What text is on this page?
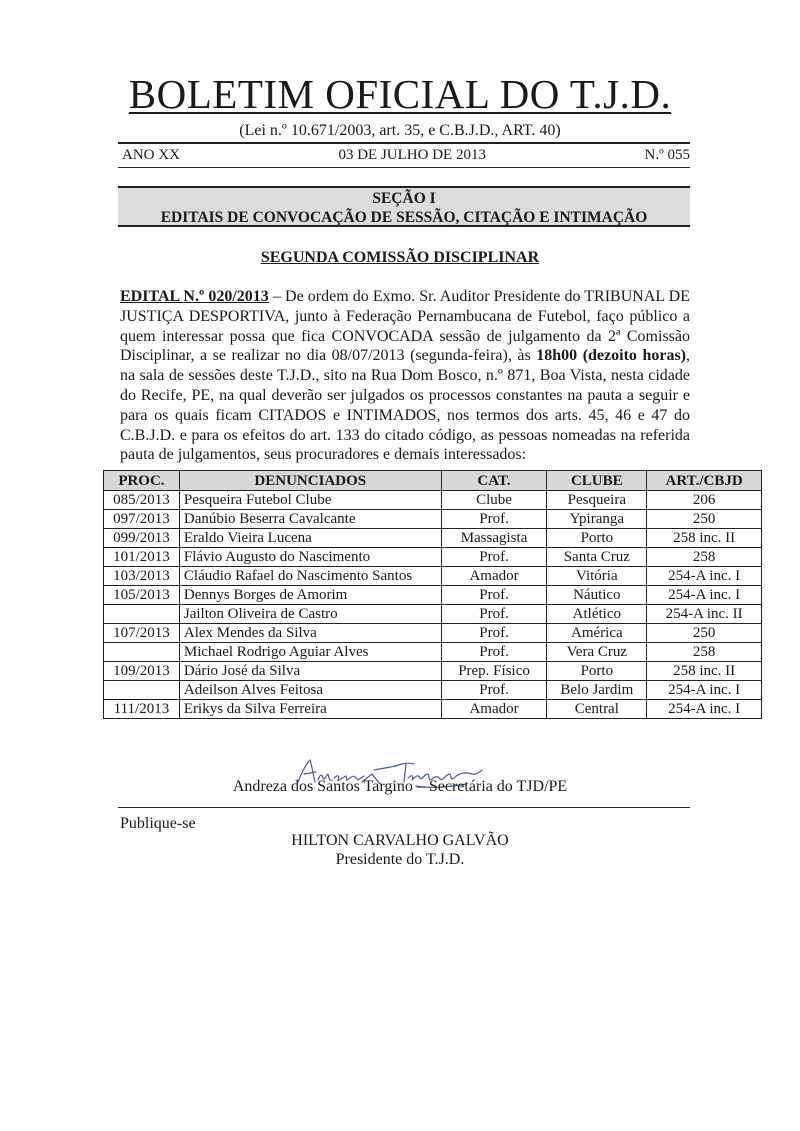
BOLETIM OFICIAL DO T.J.D.
(Lei n.º 10.671/2003, art. 35, e C.B.J.D., ART. 40)
ANO XX	03 DE JULHO DE 2013	N.º 055
SEÇÃO I
EDITAIS DE CONVOCAÇÃO DE SESSÃO, CITAÇÃO E INTIMAÇÃO
SEGUNDA COMISSÃO DISCIPLINAR
EDITAL N.º 020/2013 – De ordem do Exmo. Sr. Auditor Presidente do TRIBUNAL DE JUSTIÇA DESPORTIVA, junto à Federação Pernambucana de Futebol, faço público a quem interessar possa que fica CONVOCADA sessão de julgamento da 2ª Comissão Disciplinar, a se realizar no dia 08/07/2013 (segunda-feira), às 18h00 (dezoito horas), na sala de sessões deste T.J.D., sito na Rua Dom Bosco, n.º 871, Boa Vista, nesta cidade do Recife, PE, na qual deverão ser julgados os processos constantes na pauta a seguir e para os quais ficam CITADOS e INTIMADOS, nos termos dos arts. 45, 46 e 47 do C.B.J.D. e para os efeitos do art. 133 do citado código, as pessoas nomeadas na referida pauta de julgamentos, seus procuradores e demais interessados:
PROC.	DENUNCIADOS	CAT.	CLUBE	ART./CBJD
085/2013	Pesqueira Futebol Clube	Clube	Pesqueira	206
097/2013	Danúbio Beserra Cavalcante	Prof.	Ypiranga	250
099/2013	Eraldo Vieira Lucena	Massagista	Porto	258 inc. II
101/2013	Flávio Augusto do Nascimento	Prof.	Santa Cruz	258
103/2013	Cláudio Rafael do Nascimento Santos	Amador	Vitória	254-A inc. I
105/2013	Dennys Borges de Amorim	Prof.	Náutico	254-A inc. I
	Jailton Oliveira de Castro	Prof.	Atlético	254-A inc. II
107/2013	Alex Mendes da Silva	Prof.	América	250
	Michael Rodrigo Aguiar Alves	Prof.	Vera Cruz	258
109/2013	Dário José da Silva	Prep. Físico	Porto	258 inc. II
	Adeilson Alves Feitosa	Prof.	Belo Jardim	254-A inc. I
111/2013	Erikys da Silva Ferreira	Amador	Central	254-A inc. I
Andreza dos Santos Targino – Secretária do TJD/PE
Publique-se
HILTON CARVALHO GALVÃO
Presidente do T.J.D.
